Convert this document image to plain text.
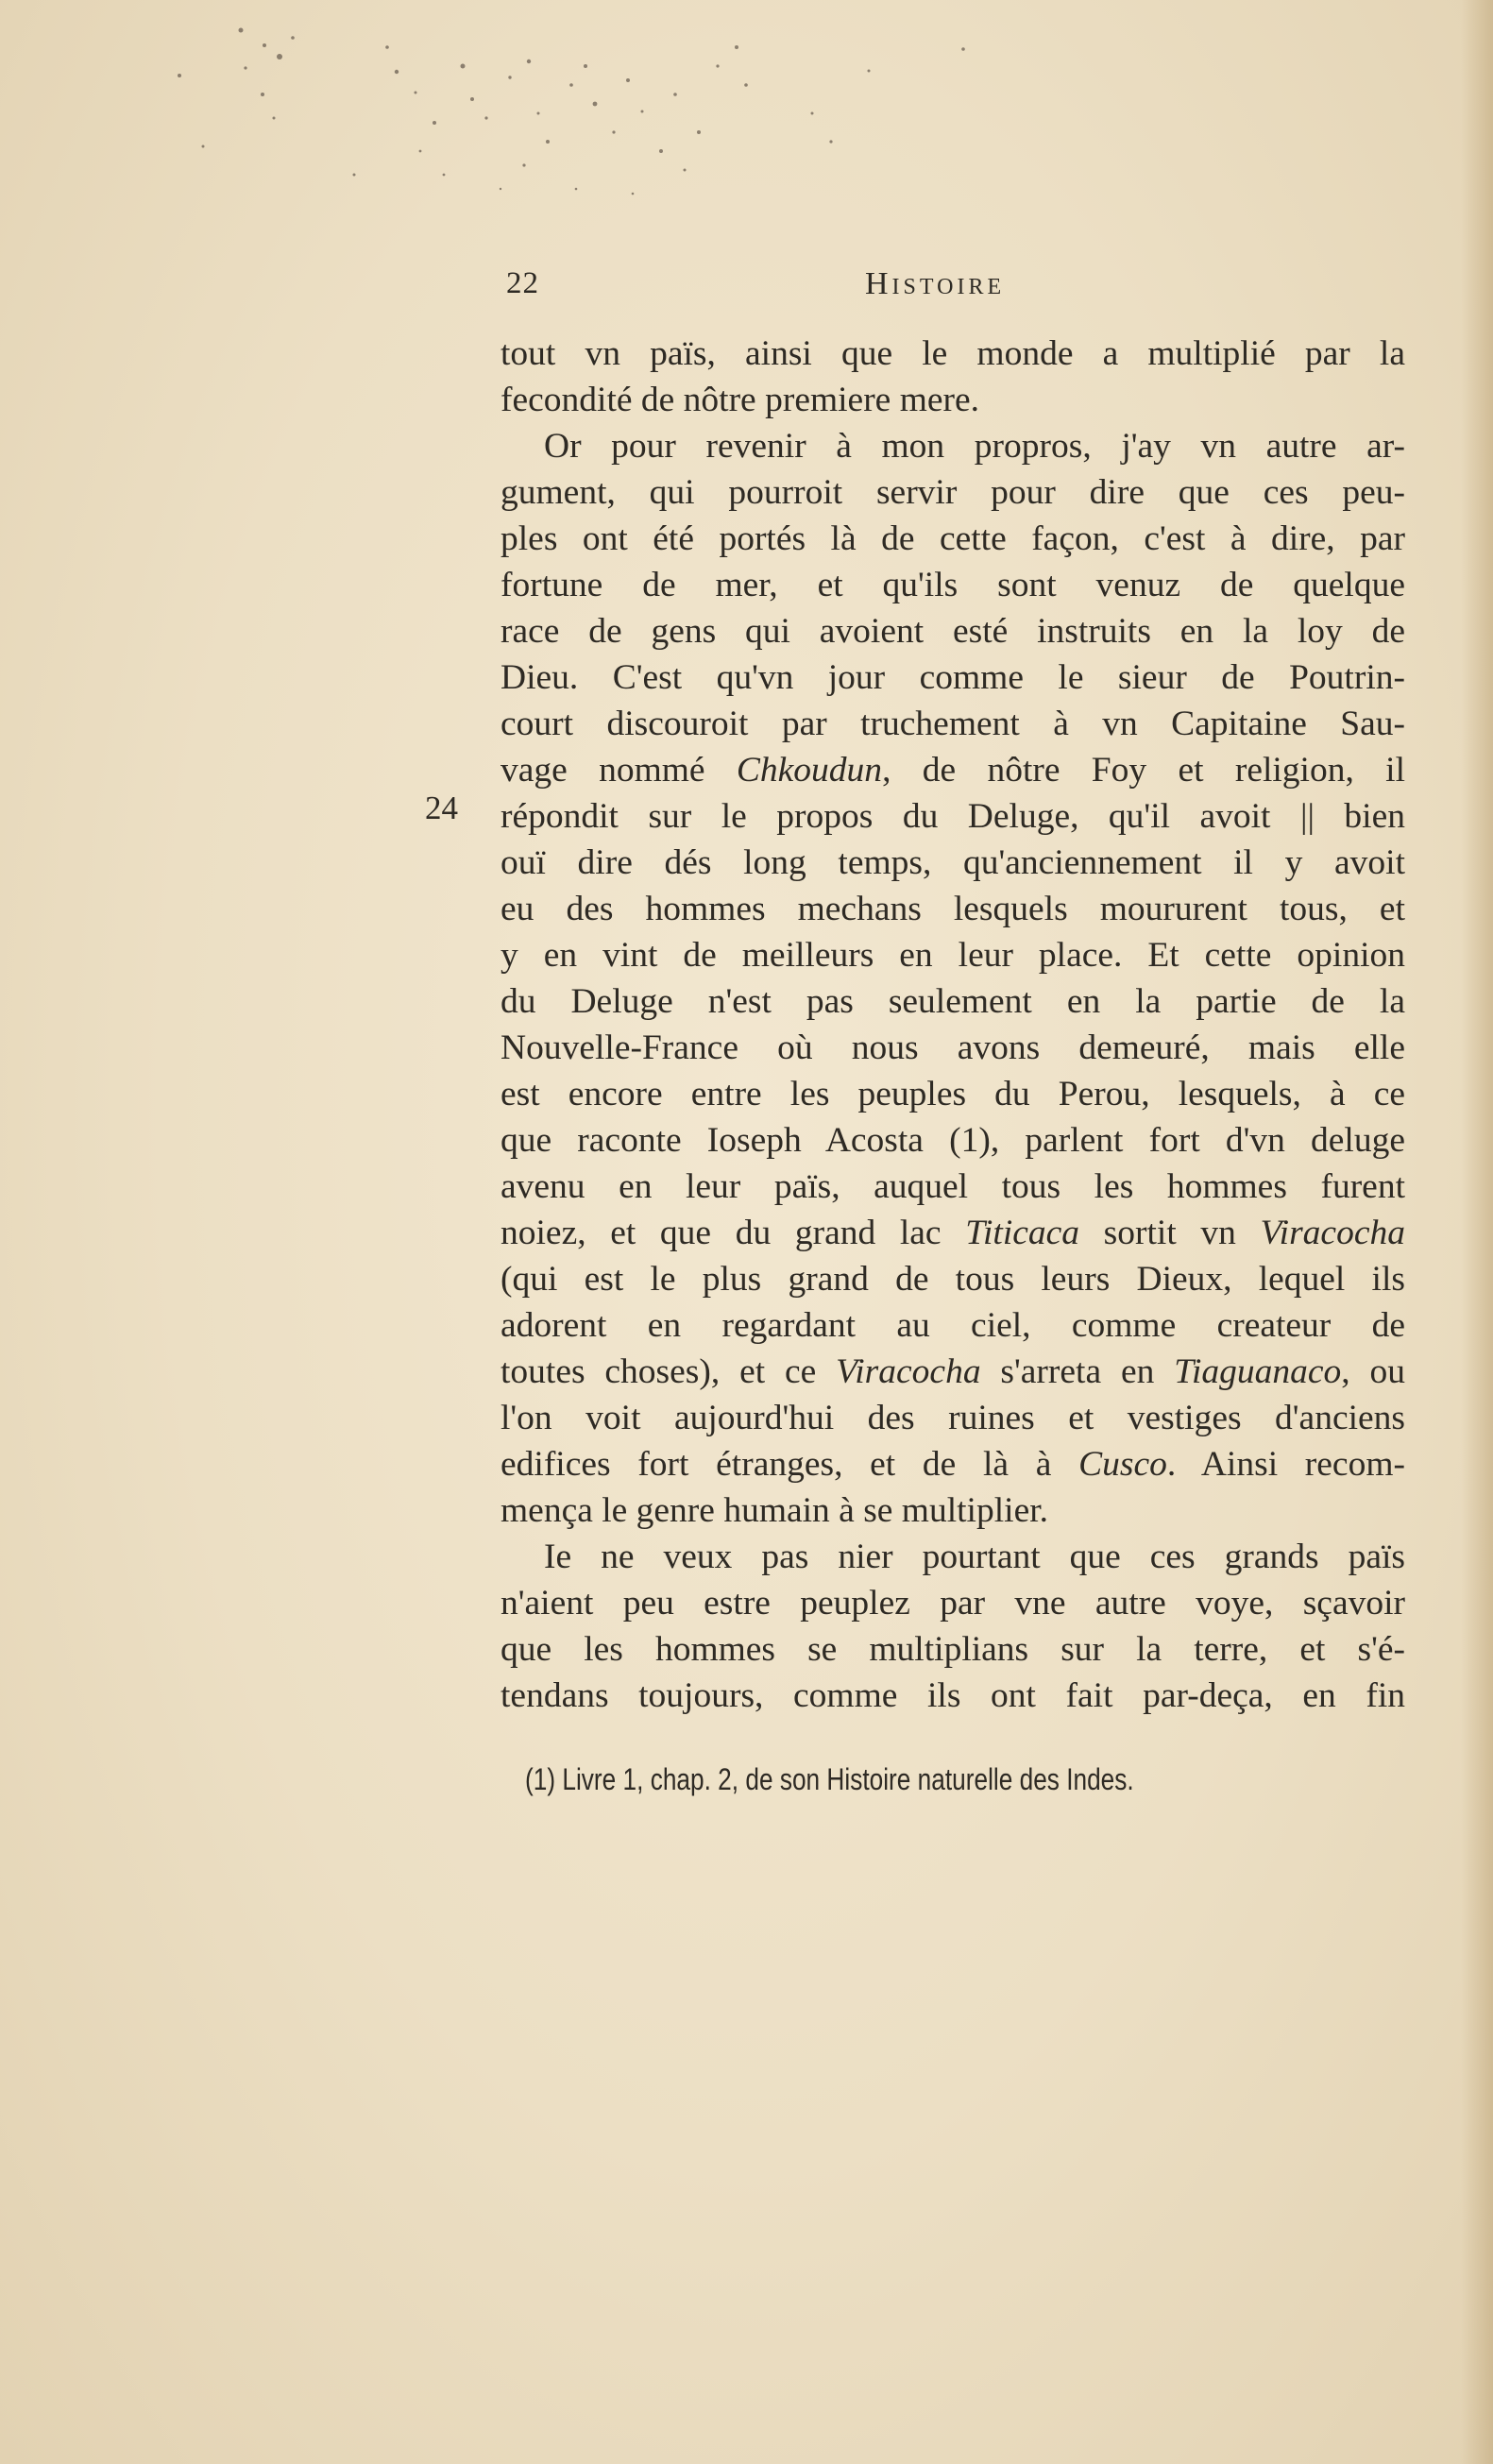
22	Histoire
24
tout vn païs, ainsi que le monde a multiplié par la
fecondité de nôtre premiere mere.
Or pour revenir à mon propros, j'ay vn autre ar-
gument, qui pourroit servir pour dire que ces peu-
ples ont été portés là de cette façon, c'est à dire, par
fortune de mer, et qu'ils sont venuz de quelque
race de gens qui avoient esté instruits en la loy de
Dieu. C'est qu'vn jour comme le sieur de Poutrin-
court discouroit par truchement à vn Capitaine Sau-
vage nommé Chkoudun, de nôtre Foy et religion, il
répondit sur le propos du Deluge, qu'il avoit || bien
ouï dire dés long temps, qu'anciennement il y avoit
eu des hommes mechans lesquels moururent tous, et
y en vint de meilleurs en leur place. Et cette opinion
du Deluge n'est pas seulement en la partie de la
Nouvelle-France où nous avons demeuré, mais elle
est encore entre les peuples du Perou, lesquels, à ce
que raconte Ioseph Acosta (1), parlent fort d'vn deluge
avenu en leur païs, auquel tous les hommes furent
noiez, et que du grand lac Titicaca sortit vn Viracocha
(qui est le plus grand de tous leurs Dieux, lequel ils
adorent en regardant au ciel, comme createur de
toutes choses), et ce Viracocha s'arreta en Tiaguanaco, ou
l'on voit aujourd'hui des ruines et vestiges d'anciens
edifices fort étranges, et de là à Cusco. Ainsi recom-
mença le genre humain à se multiplier.
Ie ne veux pas nier pourtant que ces grands païs
n'aient peu estre peuplez par vne autre voye, sçavoir
que les hommes se multiplians sur la terre, et s'é-
tendans toujours, comme ils ont fait par-deça, en fin
(1) Livre 1, chap. 2, de son Histoire naturelle des Indes.
